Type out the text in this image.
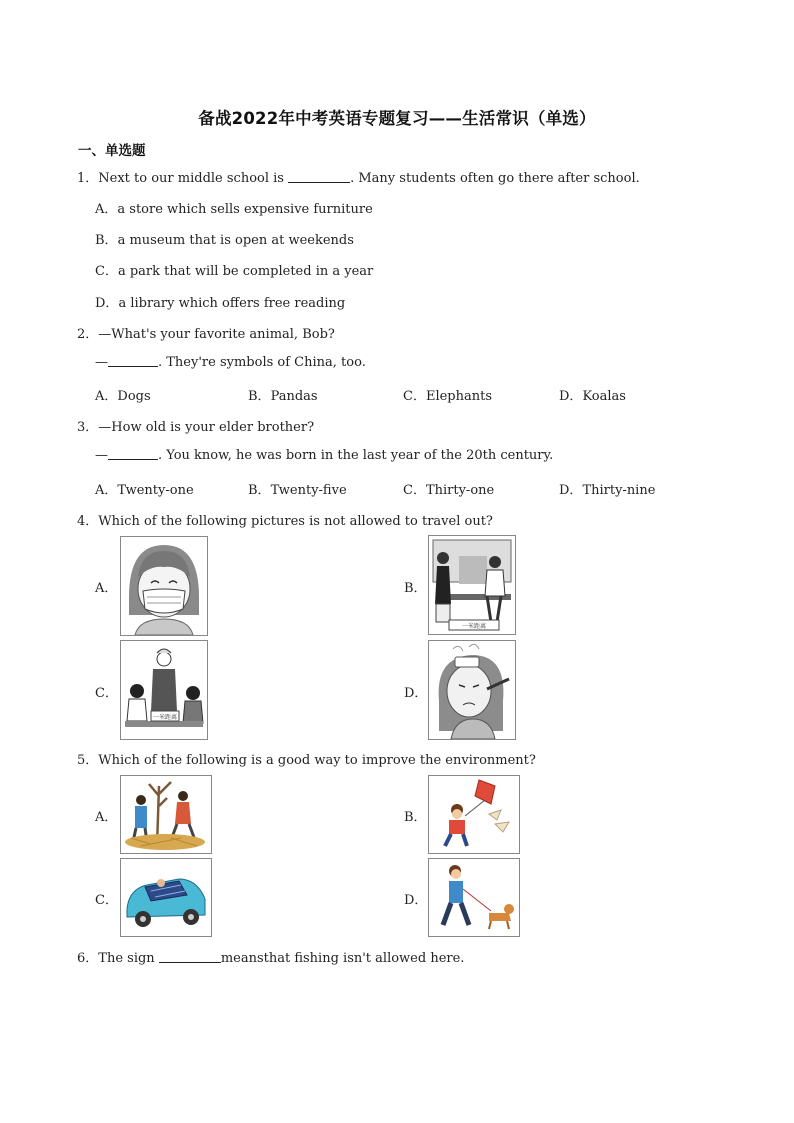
备战2022年中考英语专题复习——生活常识（单选）
一、单选题
1．Next to our middle school is	. Many students often go there after school.
A．a store which sells expensive furniture
B．a museum that is open at weekends
C．a park that will be completed in a year
D．a library which offers free reading
2．—What's your favorite animal, Bob?
—	. They're symbols of China, too.
A．Dogs	B．Pandas	C．Elephants	D．Koalas
3．—How old is your elder brother?
—	. You know, he was born in the last year of the 20th century.
A．Twenty-one	B．Twenty-five	C．Thirty-one	D．Thirty-nine
4．Which of the following pictures is not allowed to travel out?
A．	B．
一米距离
C．
一米距离
D．
5．Which of the following is a good way to improve the environment?
A．	B．
C．	D．
6．The sign	meansthat fishing isn't allowed here.
